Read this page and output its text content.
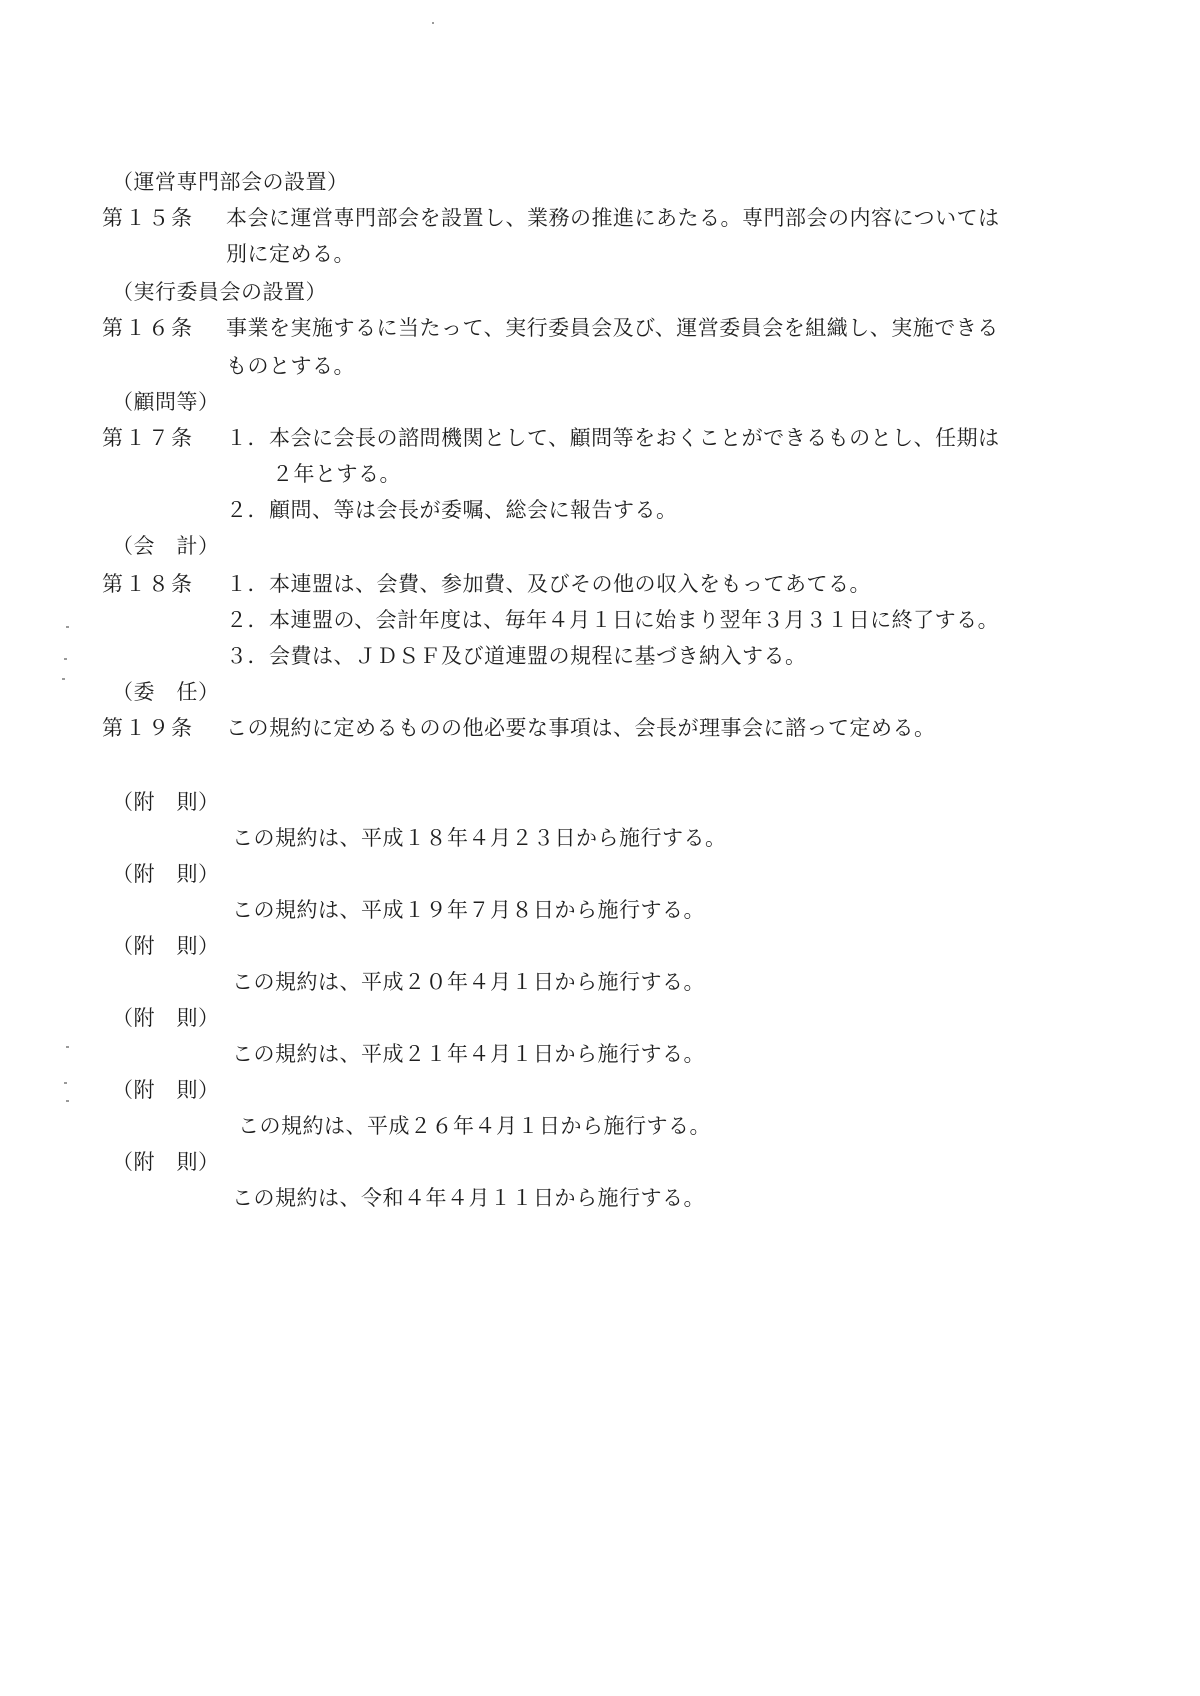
（運営専門部会の設置）
第１５条 本会に運営専門部会を設置し、業務の推進にあたる。専門部会の内容については
別に定める。
（実行委員会の設置）
第１６条 事業を実施するに当たって、実行委員会及び、運営委員会を組織し、実施できる
ものとする。
（顧問等）
第１７条 １．本会に会長の諮問機関として、顧問等をおくことができるものとし、任期は
２年とする。
２．顧問、等は会長が委嘱、総会に報告する。
（会　計）
第１８条 １．本連盟は、会費、参加費、及びその他の収入をもってあてる。
２．本連盟の、会計年度は、毎年４月１日に始まり翌年３月３１日に終了する。
３．会費は、ＪＤＳＦ及び道連盟の規程に基づき納入する。
（委　任）
第１９条 この規約に定めるものの他必要な事項は、会長が理事会に諮って定める。
（附　則）
この規約は、平成１８年４月２３日から施行する。
（附　則）
この規約は、平成１９年７月８日から施行する。
（附　則）
この規約は、平成２０年４月１日から施行する。
（附　則）
この規約は、平成２１年４月１日から施行する。
（附　則）
この規約は、平成２６年４月１日から施行する。
（附　則）
この規約は、令和４年４月１１日から施行する。
